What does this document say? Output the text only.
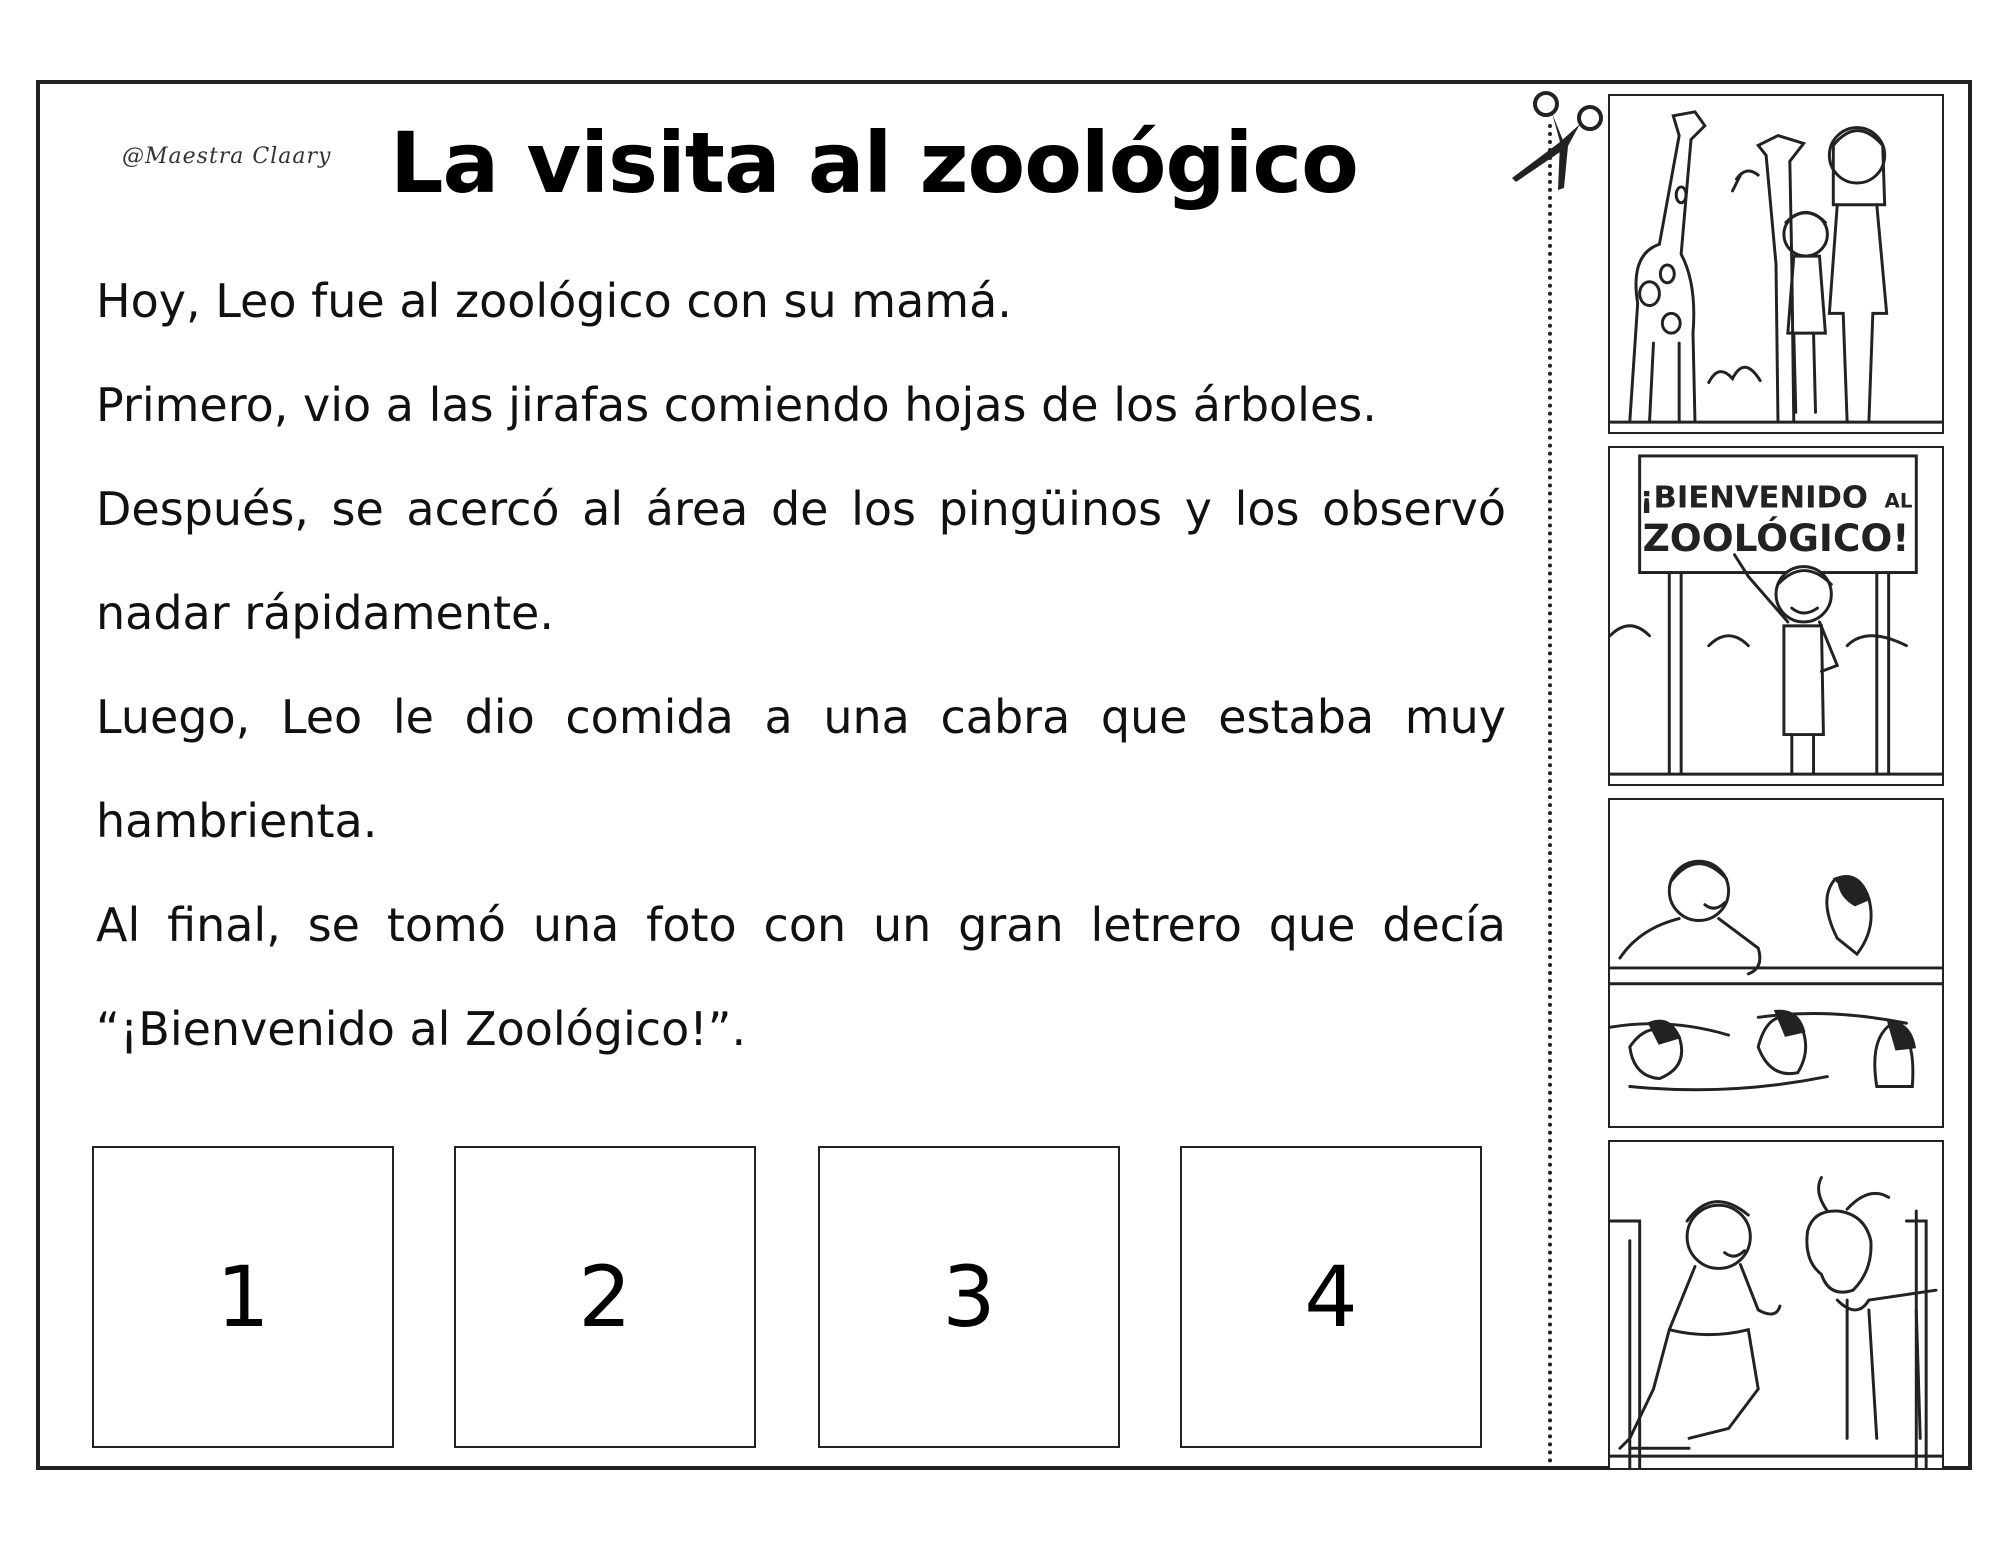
@Maestra Claary La visita al zoológico

Hoy, Leo fue al zoológico con su mamá.

Primero, vio a las jirafas comiendo hojas de los árboles.

Después, se acercó al área de los pingüinos y los observó nadar rápidamente.

Luego, Leo le dio comida a una cabra que estaba muy hambrienta.

Al final, se tomó una foto con un gran letrero que decía “¡Bienvenido al Zoológico!”.

1	2	3	4
¡BIENVENIDO AL
ZOOLÓGICO!
